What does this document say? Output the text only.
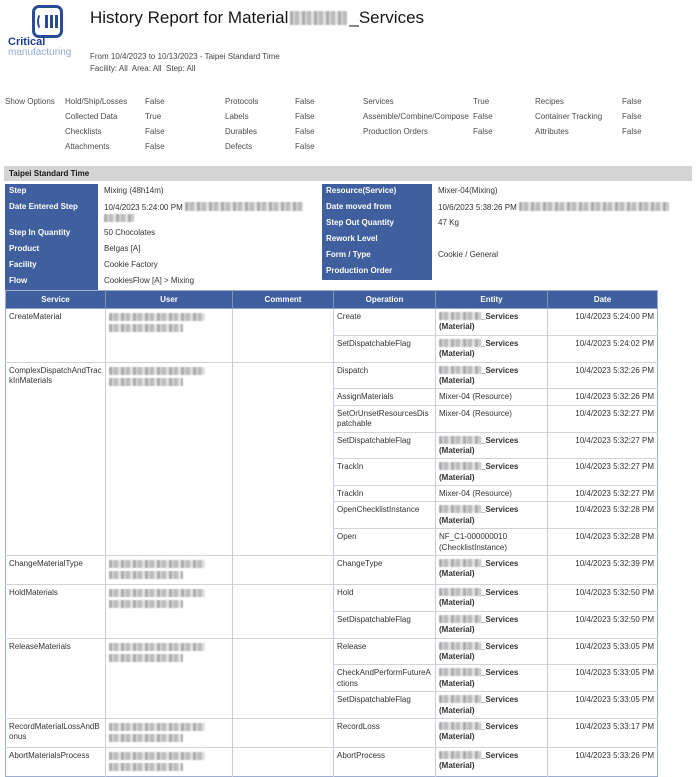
Critical
manufacturing
History Report for Material	_Services
From 10/4/2023 to 10/13/2023 - Taipei Standard Time
Facility: All  Area: All  Step: All
Show Options Hold/Ship/Losses False	Protocols	False	Services	True	Recipes	False
Collected Data	True	Labels	False	Assemble/Combine/Compose False	Container Tracking False
Checklists	False	Durables	False	Production Orders	False	Attributes	False
Attachments	False	Defects	False
Taipei Standard Time
Step	Mixing (48h14m)
Date Entered Step	10/4/2023 5:24:00 PM
Step In Quantity	50 Chocolates
Product	Belgas [A]
Facility	Cookie Factory
Flow	CookiesFlow [A] > Mixing
Resource(Service)	Mixer-04(Mixing)
Date moved from	10/6/2023 5:38:26 PM
Step Out Quantity	47 Kg
Rework Level
Form / Type	Cookie / General
Production Order
Service	User	Comment	Operation	Entity	Date
CreateMaterial			Create	_Services
(Material)	10/4/2023 5:24:00 PM
			SetDispatchableFlag	_Services
(Material)	10/4/2023 5:24:02 PM
ComplexDispatchAndTrackInMaterials			Dispatch	_Services
(Material)	10/4/2023 5:32:26 PM
			AssignMaterials	Mixer-04 (Resource)	10/4/2023 5:32:26 PM
			SetOrUnsetResourcesDispatchable	Mixer-04 (Resource)	10/4/2023 5:32:27 PM
			SetDispatchableFlag	_Services
(Material)	10/4/2023 5:32:27 PM
			TrackIn	_Services
(Material)	10/4/2023 5:32:27 PM
			TrackIn	Mixer-04 (Resource)	10/4/2023 5:32:27 PM
			OpenChecklistInstance	_Services
(Material)	10/4/2023 5:32:28 PM
			Open	NF_C1-000000010 (ChecklistInstance)	10/4/2023 5:32:28 PM
ChangeMaterialType			ChangeType	_Services
(Material)	10/4/2023 5:32:39 PM
HoldMaterials			Hold	_Services
(Material)	10/4/2023 5:32:50 PM
			SetDispatchableFlag	_Services
(Material)	10/4/2023 5:32:50 PM
ReleaseMaterials			Release	_Services
(Material)	10/4/2023 5:33:05 PM
			CheckAndPerformFutureActions	_Services
(Material)	10/4/2023 5:33:05 PM
			SetDispatchableFlag	_Services
(Material)	10/4/2023 5:33:05 PM
RecordMaterialLossAndBonus			RecordLoss	_Services
(Material)	10/4/2023 5:33:17 PM
AbortMaterialsProcess			AbortProcess	_Services
(Material)	10/4/2023 5:33:26 PM
